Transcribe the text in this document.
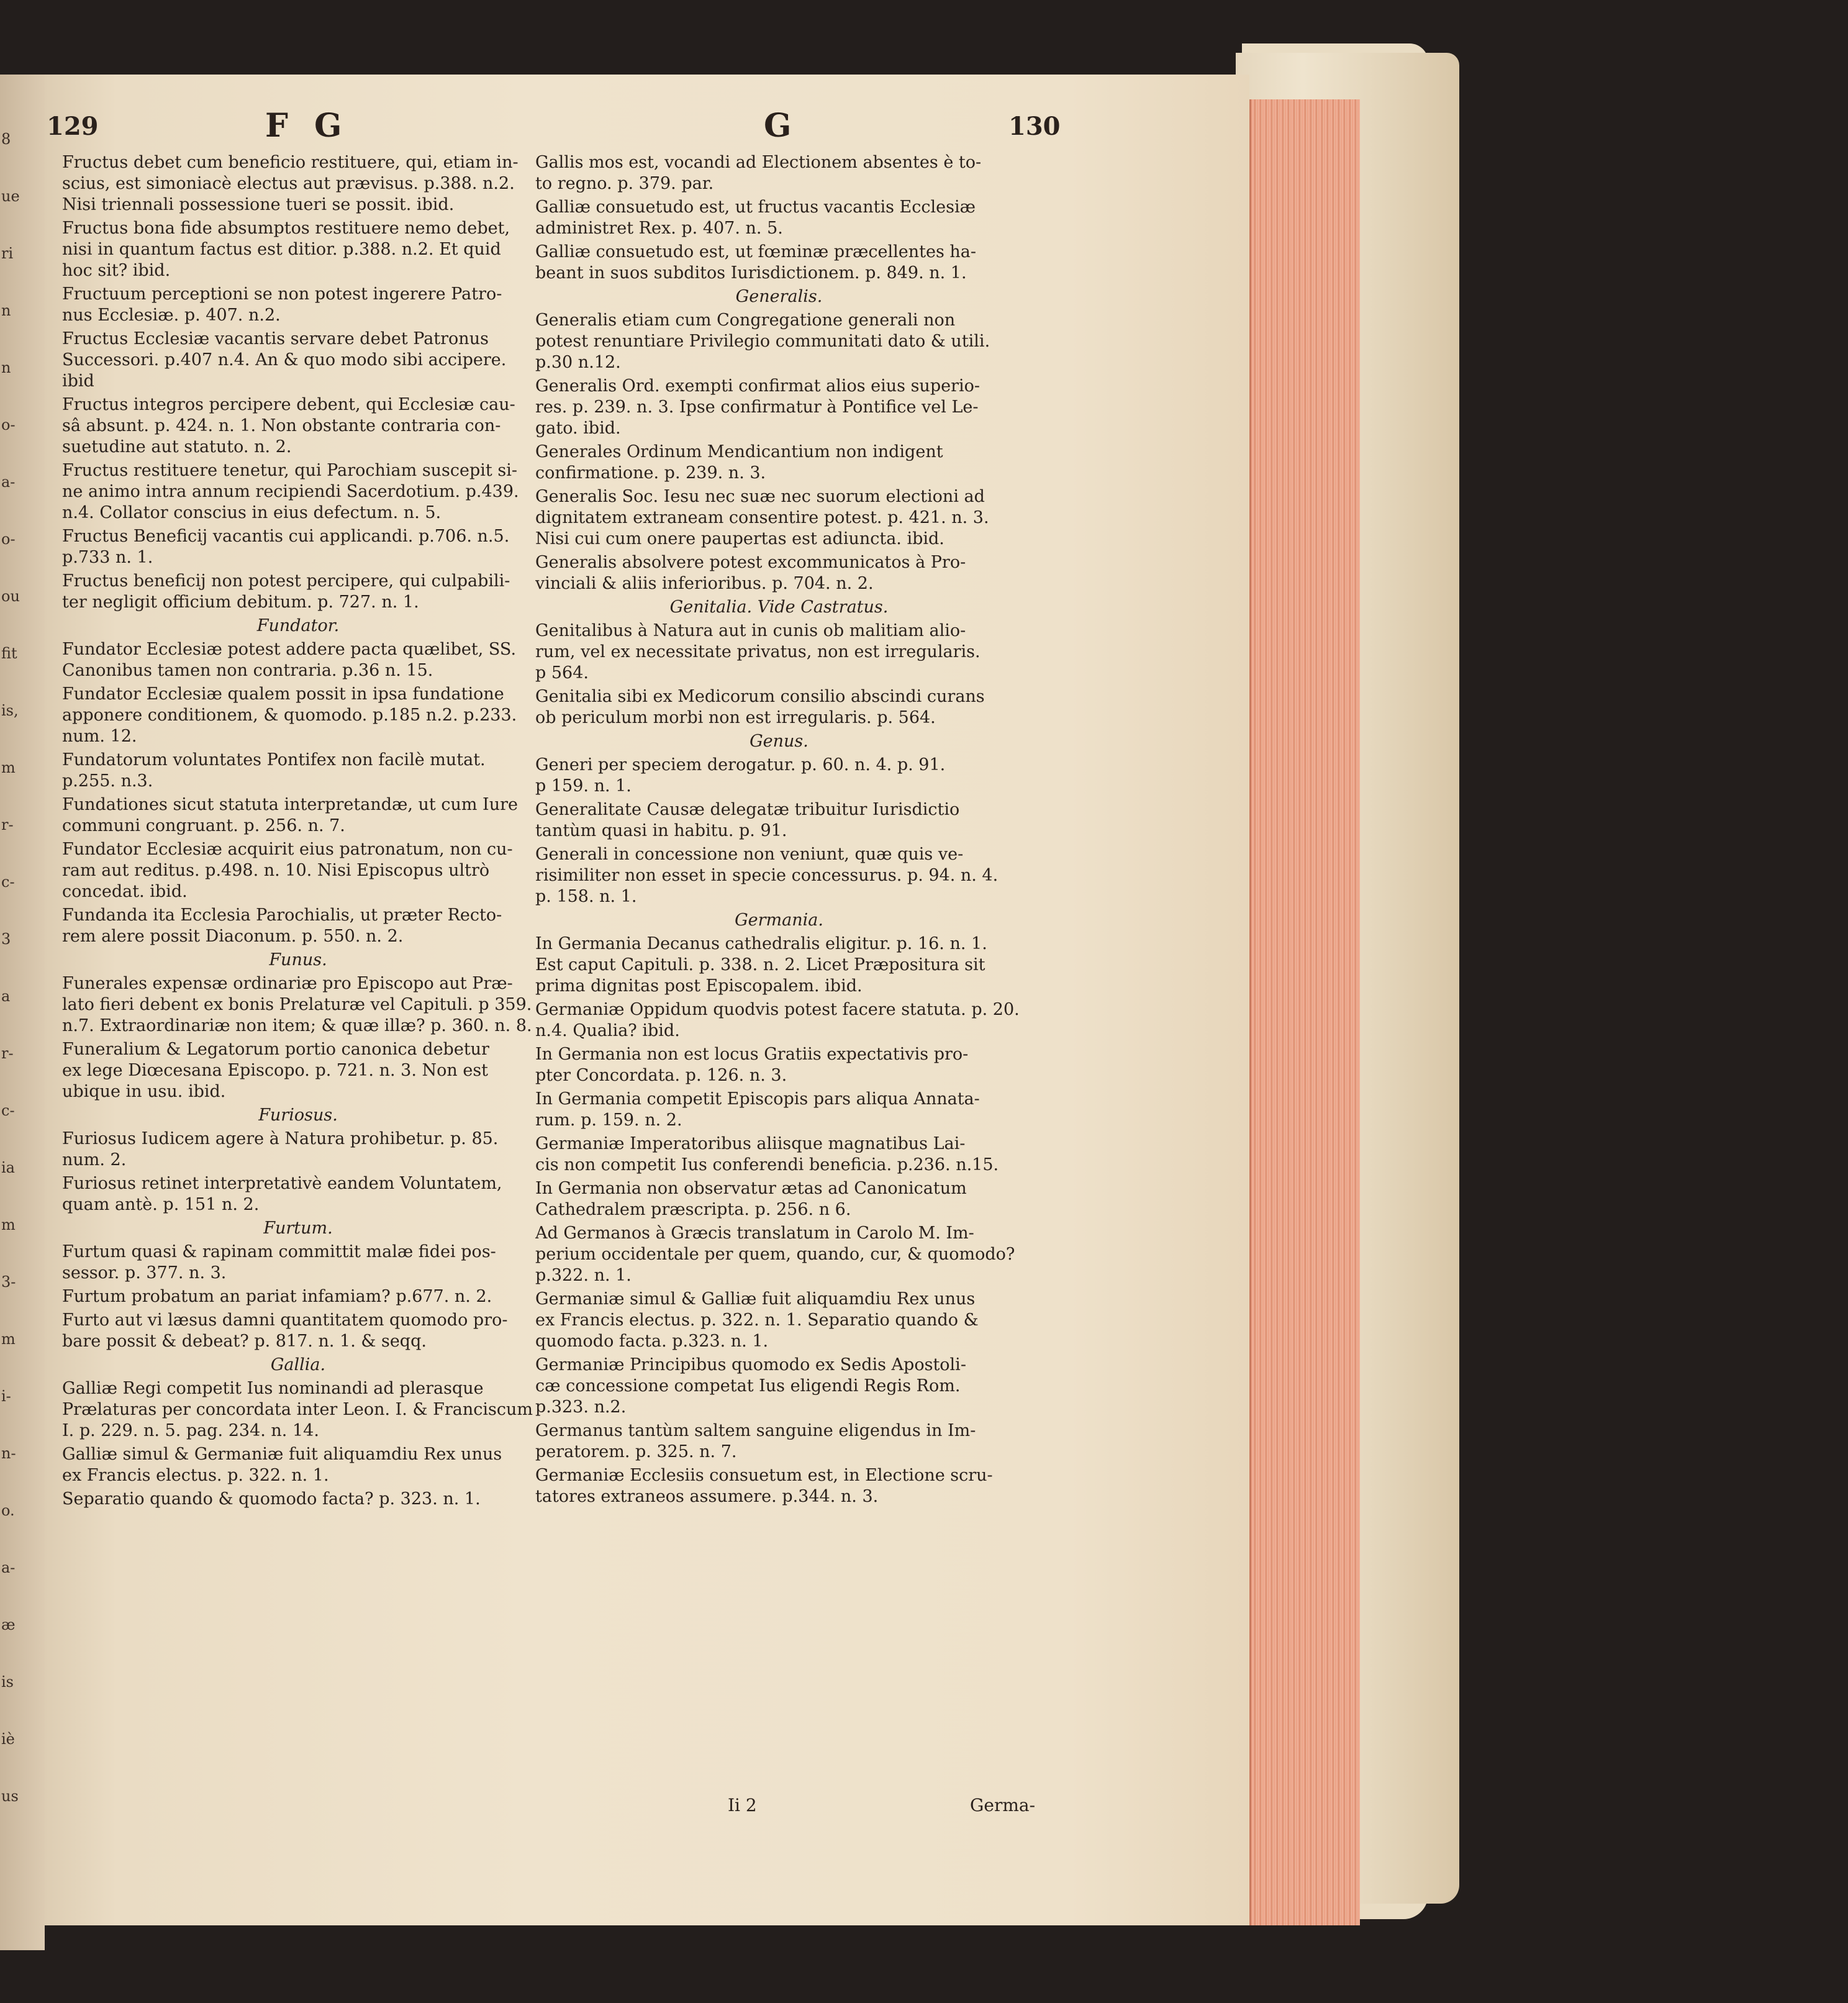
8
ue
ri
n
n
o-
a-
o-
ou
fit
is,
m
r-
c-
3
a
r-
c-
ia
m
3-
m
i-
n-
o.
a-
æ
is
iè
us
129	F G	G	130
Fructus debet cum beneficio restituere, qui, etiam in-
scius, est simoniacè electus aut prævisus. p.388. n.2.
Nisi triennali possessione tueri se possit. ibid.
Fructus bona fide absumptos restituere nemo debet,
nisi in quantum factus est ditior. p.388. n.2. Et quid
hoc sit? ibid.
Fructuum perceptioni se non potest ingerere Patro-
nus Ecclesiæ. p. 407. n.2.
Fructus Ecclesiæ vacantis servare debet Patronus
Successori. p.407 n.4. An & quo modo sibi accipere.
ibid
Fructus integros percipere debent, qui Ecclesiæ cau-
sâ absunt. p. 424. n. 1. Non obstante contraria con-
suetudine aut statuto. n. 2.
Fructus restituere tenetur, qui Parochiam suscepit si-
ne animo intra annum recipiendi Sacerdotium. p.439.
n.4. Collator conscius in eius defectum. n. 5.
Fructus Beneficij vacantis cui applicandi. p.706. n.5.
p.733 n. 1.
Fructus beneficij non potest percipere, qui culpabili-
ter negligit officium debitum. p. 727. n. 1.
Fundator.
Fundator Ecclesiæ potest addere pacta quælibet, SS.
Canonibus tamen non contraria. p.36 n. 15.
Fundator Ecclesiæ qualem possit in ipsa fundatione
apponere conditionem, & quomodo. p.185 n.2. p.233.
num. 12.
Fundatorum voluntates Pontifex non facilè mutat.
p.255. n.3.
Fundationes sicut statuta interpretandæ, ut cum Iure
communi congruant. p. 256. n. 7.
Fundator Ecclesiæ acquirit eius patronatum, non cu-
ram aut reditus. p.498. n. 10. Nisi Episcopus ultrò
concedat. ibid.
Fundanda ita Ecclesia Parochialis, ut præter Recto-
rem alere possit Diaconum. p. 550. n. 2.
Funus.
Funerales expensæ ordinariæ pro Episcopo aut Præ-
lato fieri debent ex bonis Prelaturæ vel Capituli. p 359.
n.7. Extraordinariæ non item; & quæ illæ? p. 360. n. 8.
Funeralium & Legatorum portio canonica debetur
ex lege Diœcesana Episcopo. p. 721. n. 3. Non est
ubique in usu. ibid.
Furiosus.
Furiosus Iudicem agere à Natura prohibetur. p. 85.
num. 2.
Furiosus retinet interpretativè eandem Voluntatem,
quam antè. p. 151 n. 2.
Furtum.
Furtum quasi & rapinam committit malæ fidei pos-
sessor. p. 377. n. 3.
Furtum probatum an pariat infamiam? p.677. n. 2.
Furto aut vi læsus damni quantitatem quomodo pro-
bare possit & debeat? p. 817. n. 1. & seqq.
Gallia.
Galliæ Regi competit Ius nominandi ad plerasque
Prælaturas per concordata inter Leon. I. & Franciscum
I. p. 229. n. 5. pag. 234. n. 14.
Galliæ simul & Germaniæ fuit aliquamdiu Rex unus
ex Francis electus. p. 322. n. 1.
Separatio quando & quomodo facta? p. 323. n. 1.
Gallis mos est, vocandi ad Electionem absentes è to-
to regno. p. 379. par.
Galliæ consuetudo est, ut fructus vacantis Ecclesiæ
administret Rex. p. 407. n. 5.
Galliæ consuetudo est, ut fœminæ præcellentes ha-
beant in suos subditos Iurisdictionem. p. 849. n. 1.
Generalis.
Generalis etiam cum Congregatione generali non
potest renuntiare Privilegio communitati dato & utili.
p.30 n.12.
Generalis Ord. exempti confirmat alios eius superio-
res. p. 239. n. 3. Ipse confirmatur à Pontifice vel Le-
gato. ibid.
Generales Ordinum Mendicantium non indigent
confirmatione. p. 239. n. 3.
Generalis Soc. Iesu nec suæ nec suorum electioni ad
dignitatem extraneam consentire potest. p. 421. n. 3.
Nisi cui cum onere paupertas est adiuncta. ibid.
Generalis absolvere potest excommunicatos à Pro-
vinciali & aliis inferioribus. p. 704. n. 2.
Genitalia. Vide Castratus.
Genitalibus à Natura aut in cunis ob malitiam alio-
rum, vel ex necessitate privatus, non est irregularis.
p 564.
Genitalia sibi ex Medicorum consilio abscindi curans
ob periculum morbi non est irregularis. p. 564.
Genus.
Generi per speciem derogatur. p. 60. n. 4. p. 91.
p 159. n. 1.
Generalitate Causæ delegatæ tribuitur Iurisdictio
tantùm quasi in habitu. p. 91.
Generali in concessione non veniunt, quæ quis ve-
risimiliter non esset in specie concessurus. p. 94. n. 4.
p. 158. n. 1.
Germania.
In Germania Decanus cathedralis eligitur. p. 16. n. 1.
Est caput Capituli. p. 338. n. 2. Licet Præpositura sit
prima dignitas post Episcopalem. ibid.
Germaniæ Oppidum quodvis potest facere statuta. p. 20.
n.4. Qualia? ibid.
In Germania non est locus Gratiis expectativis pro-
pter Concordata. p. 126. n. 3.
In Germania competit Episcopis pars aliqua Annata-
rum. p. 159. n. 2.
Germaniæ Imperatoribus aliisque magnatibus Lai-
cis non competit Ius conferendi beneficia. p.236. n.15.
In Germania non observatur ætas ad Canonicatum
Cathedralem præscripta. p. 256. n 6.
Ad Germanos à Græcis translatum in Carolo M. Im-
perium occidentale per quem, quando, cur, & quomodo?
p.322. n. 1.
Germaniæ simul & Galliæ fuit aliquamdiu Rex unus
ex Francis electus. p. 322. n. 1. Separatio quando &
quomodo facta. p.323. n. 1.
Germaniæ Principibus quomodo ex Sedis Apostoli-
cæ concessione competat Ius eligendi Regis Rom.
p.323. n.2.
Germanus tantùm saltem sanguine eligendus in Im-
peratorem. p. 325. n. 7.
Germaniæ Ecclesiis consuetum est, in Electione scru-
tatores extraneos assumere. p.344. n. 3.
Ii 2	Germa-
